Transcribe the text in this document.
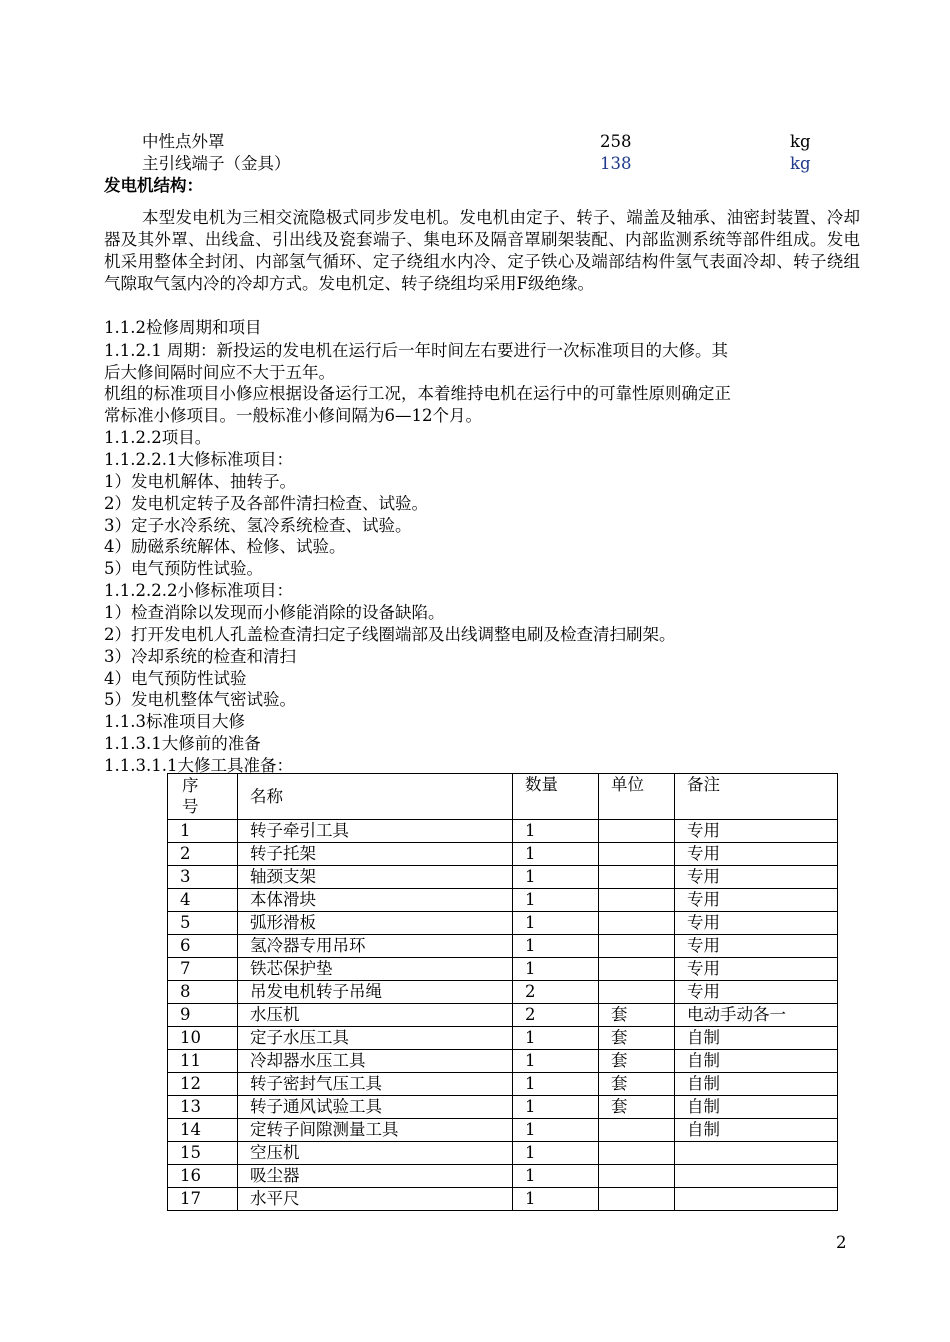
中性点外罩	258	kg
主引线端子（金具）	138	kg
发电机结构：
本型发电机为三相交流隐极式同步发电机。发电机由定子、转子、端盖及轴承、油密封装置、冷却器及其外罩、出线盒、引出线及瓷套端子、集电环及隔音罩刷架装配、内部监测系统等部件组成。发电机采用整体全封闭、内部氢气循环、定子绕组水内冷、定子铁心及端部结构件氢气表面冷却、转子绕组气隙取气氢内冷的冷却方式。发电机定、转子绕组均采用F级绝缘。
1.1.2检修周期和项目
1.1.2.1 周期：新投运的发电机在运行后一年时间左右要进行一次标准项目的大修。其
后大修间隔时间应不大于五年。
机组的标准项目小修应根据设备运行工况，本着维持电机在运行中的可靠性原则确定正
常标准小修项目。一般标准小修间隔为6—12个月。
1.1.2.2项目。
1.1.2.2.1大修标准项目：
1）发电机解体、抽转子。
2）发电机定转子及各部件清扫检查、试验。
3）定子水冷系统、氢冷系统检查、试验。
4）励磁系统解体、检修、试验。
5）电气预防性试验。
1.1.2.2.2小修标准项目：
1）检查消除以发现而小修能消除的设备缺陷。
2）打开发电机人孔盖检查清扫定子线圈端部及出线调整电刷及检查清扫刷架。
3）冷却系统的检查和清扫
4）电气预防性试验
5）发电机整体气密试验。
1.1.3标准项目大修
1.1.3.1大修前的准备
1.1.3.1.1大修工具准备：
序
号	名称	数量	单位	备注
1	转子牵引工具	1		专用
2	转子托架	1		专用
3	轴颈支架	1		专用
4	本体滑块	1		专用
5	弧形滑板	1		专用
6	氢冷器专用吊环	1		专用
7	铁芯保护垫	1		专用
8	吊发电机转子吊绳	2		专用
9	水压机	2	套	电动手动各一
10	定子水压工具	1	套	自制
11	冷却器水压工具	1	套	自制
12	转子密封气压工具	1	套	自制
13	转子通风试验工具	1	套	自制
14	定转子间隙测量工具	1		自制
15	空压机	1		
16	吸尘器	1		
17	水平尺	1		
2
